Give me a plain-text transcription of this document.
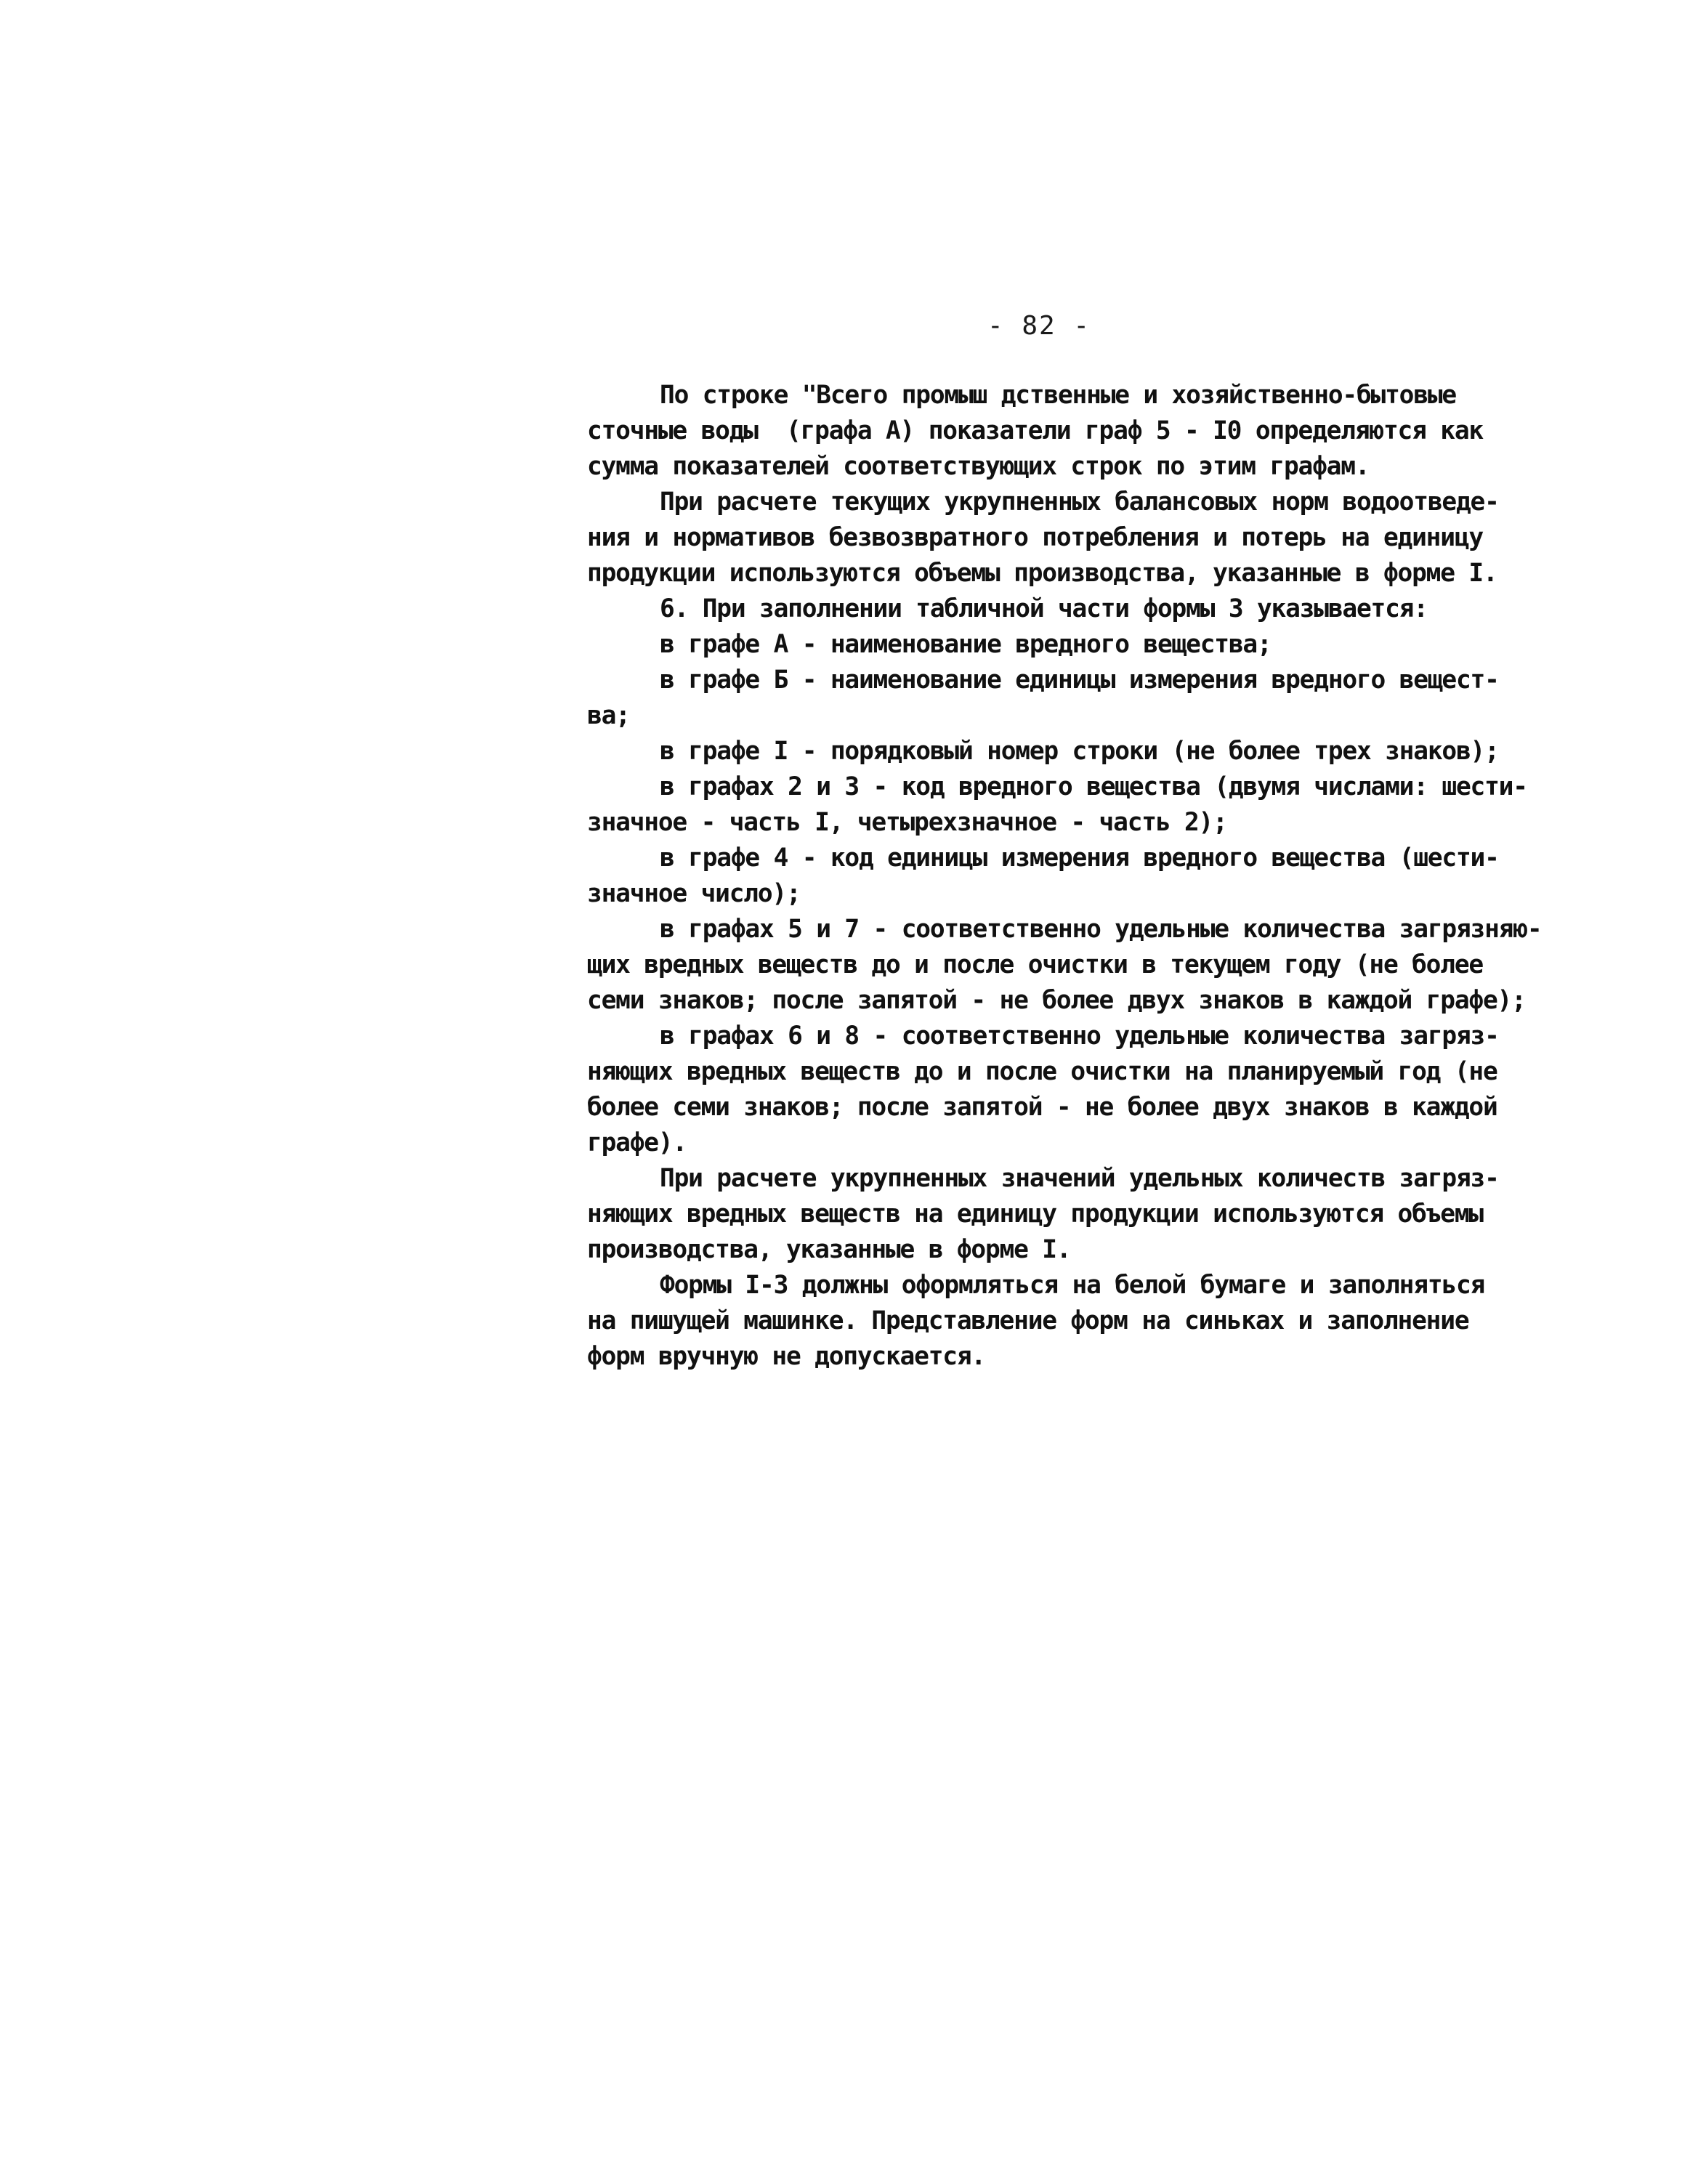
- 82 -
По строке "Всего промыш дственные и хозяйственно-бытовые
сточные воды  (графа А) показатели граф 5 - I0 определяются как
сумма показателей соответствующих строк по этим графам.
При расчете текущих укрупненных балансовых норм водоотведе-
ния и нормативов безвозвратного потребления и потерь на единицу
продукции используются объемы производства, указанные в форме I.
6. При заполнении табличной части формы 3 указывается:
в графе А - наименование вредного вещества;
в графе Б - наименование единицы измерения вредного вещест-
ва;
в графе I - порядковый номер строки (не более трех знаков);
в графах 2 и 3 - код вредного вещества (двумя числами: шести-
значное - часть I, четырехзначное - часть 2);
в графе 4 - код единицы измерения вредного вещества (шести-
значное число);
в графах 5 и 7 - соответственно удельные количества загрязняю-
щих вредных веществ до и после очистки в текущем году (не более
семи знаков; после запятой - не более двух знаков в каждой графе);
в графах 6 и 8 - соответственно удельные количества загряз-
няющих вредных веществ до и после очистки на планируемый год (не
более семи знаков; после запятой - не более двух знаков в каждой
графе).
При расчете укрупненных значений удельных количеств загряз-
няющих вредных веществ на единицу продукции используются объемы
производства, указанные в форме I.
Формы I-3 должны оформляться на белой бумаге и заполняться
на пишущей машинке. Представление форм на синьках и заполнение
форм вручную не допускается.
